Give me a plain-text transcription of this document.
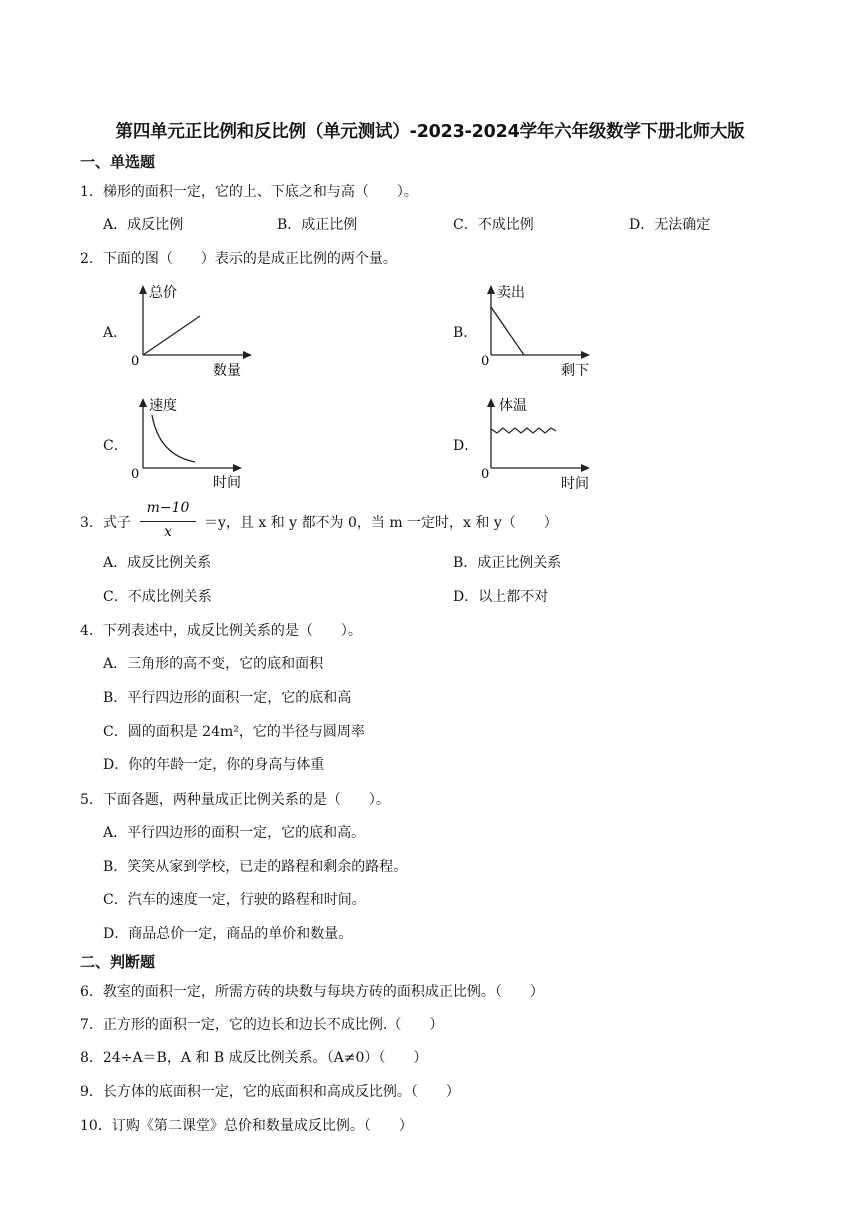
第四单元正比例和反比例（单元测试）-2023-2024学年六年级数学下册北师大版
一、单选题
1．梯形的面积一定，它的上、下底之和与高（　　）。
A．成反比例	B．成正比例	C．不成比例	D．无法确定
2．下面的图（　　）表示的是成正比例的两个量。
A．
总价
0
数量
B．
卖出
0
剩下
C．
速度
0
时间
D．
体温
0
时间
3．式子
m−10
x
＝y，且 x 和 y 都不为 0，当 m 一定时，x 和 y（　　）
A．成反比例关系	B．成正比例关系
C．不成比例关系	D．以上都不对
4．下列表述中，成反比例关系的是（　　）。
A．三角形的高不变，它的底和面积
B．平行四边形的面积一定，它的底和高
C．圆的面积是 24m²，它的半径与圆周率
D．你的年龄一定，你的身高与体重
5．下面各题，两种量成正比例关系的是（　　）。
A．平行四边形的面积一定，它的底和高。
B．笑笑从家到学校，已走的路程和剩余的路程。
C．汽车的速度一定，行驶的路程和时间。
D．商品总价一定，商品的单价和数量。
二、判断题
6．教室的面积一定，所需方砖的块数与每块方砖的面积成正比例。（　　）
7．正方形的面积一定，它的边长和边长不成比例.（　　）
8．24÷A＝B，A 和 B 成反比例关系。（A≠0）（　　）
9．长方体的底面积一定，它的底面积和高成反比例。（　　）
10．订购《第二课堂》总价和数量成反比例。（　　）
